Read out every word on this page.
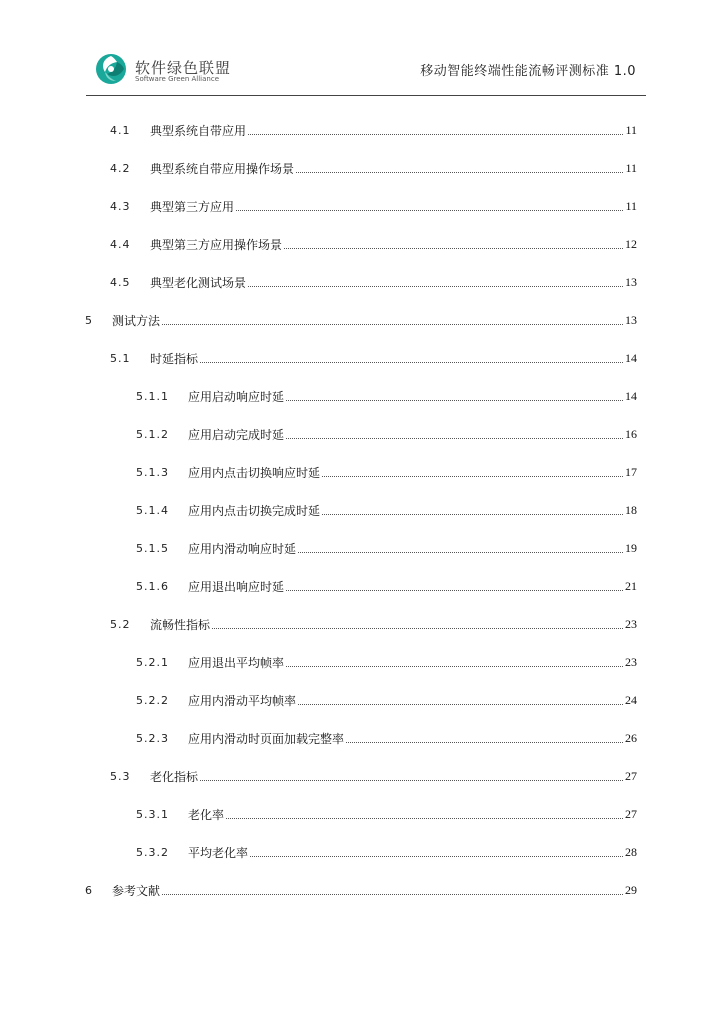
软件绿色联盟
Software Green Alliance	移动智能终端性能流畅评测标准 1.0
4.1	典型系统自带应用	11
4.2	典型系统自带应用操作场景	11
4.3	典型第三方应用	11
4.4	典型第三方应用操作场景	12
4.5	典型老化测试场景	13
5	测试方法	13
5.1	时延指标	14
5.1.1	应用启动响应时延	14
5.1.2	应用启动完成时延	16
5.1.3	应用内点击切换响应时延	17
5.1.4	应用内点击切换完成时延	18
5.1.5	应用内滑动响应时延	19
5.1.6	应用退出响应时延	21
5.2	流畅性指标	23
5.2.1	应用退出平均帧率	23
5.2.2	应用内滑动平均帧率	24
5.2.3	应用内滑动时页面加载完整率	26
5.3	老化指标	27
5.3.1	老化率	27
5.3.2	平均老化率	28
6	参考文献	29
